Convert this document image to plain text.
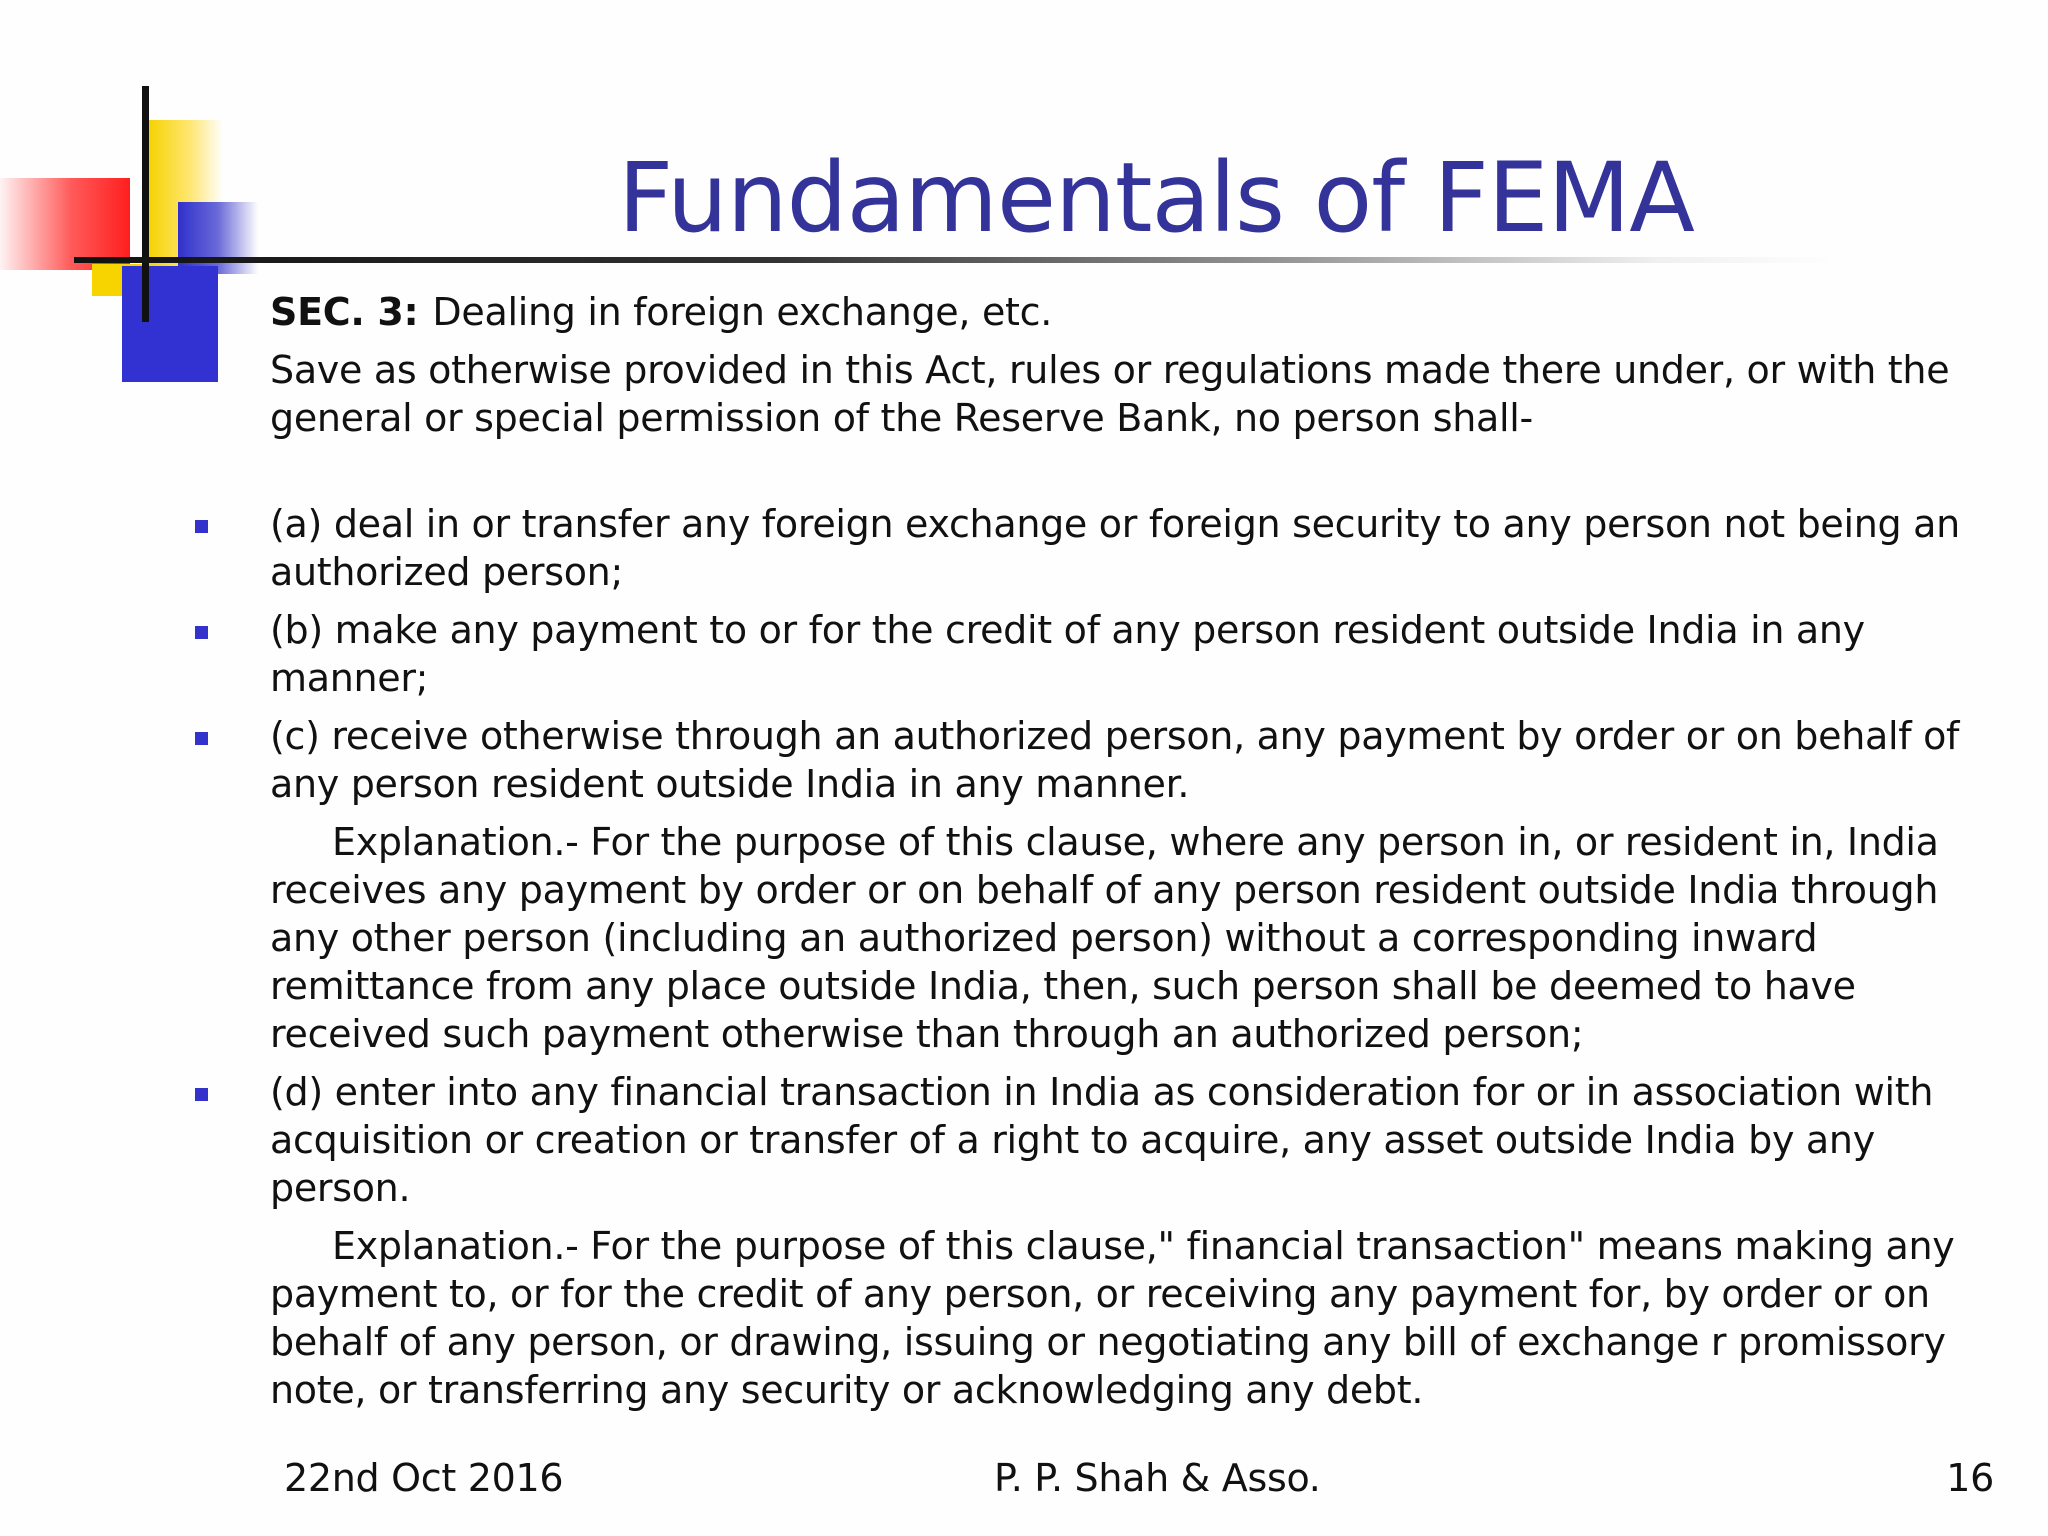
Fundamentals of FEMA

SEC. 3: Dealing in foreign exchange, etc.

Save as otherwise provided in this Act, rules or regulations made there under, or with the general or special permission of the Reserve Bank, no person shall-

(a) deal in or transfer any foreign exchange or foreign security to any person not being an authorized person;

(b) make any payment to or for the credit of any person resident outside India in any manner;

(c) receive otherwise through an authorized person, any payment by order or on behalf of any person resident outside India in any manner.

Explanation.- For the purpose of this clause, where any person in, or resident in, India receives any payment by order or on behalf of any person resident outside India through any other person (including an authorized person) without a corresponding inward remittance from any place outside India, then, such person shall be deemed to have received such payment otherwise than through an authorized person;

(d) enter into any financial transaction in India as consideration for or in association with acquisition or creation or transfer of a right to acquire, any asset outside India by any person.

Explanation.- For the purpose of this clause," financial transaction" means making any payment to, or for the credit of any person, or receiving any payment for, by order or on behalf of any person, or drawing, issuing or negotiating any bill of exchange r promissory note, or transferring any security or acknowledging any debt.

22nd Oct 2016	P. P. Shah & Asso.	16
